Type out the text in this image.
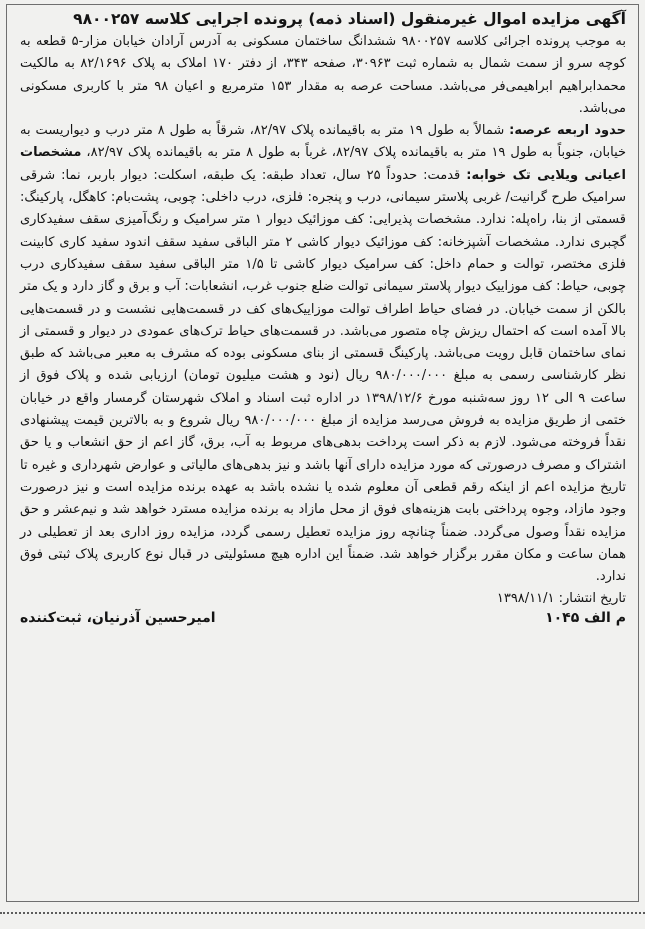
آگهی مزایده اموال غیرمنقول (اسناد ذمه) پرونده اجرایی کلاسه ۹۸۰۰۲۵۷

به موجب پرونده اجرائی کلاسه ۹۸۰۰۲۵۷ ششدانگ ساختمان مسکونی به آدرس آرادان خیابان مزار-۵ قطعه به کوچه سرو از سمت شمال به شماره ثبت ۳۰۹۶۳، صفحه ۳۴۳، از دفتر ۱۷۰ املاک به پلاک ۸۲/۱۶۹۶ به مالکیت محمدابراهیم ابراهیمی‌فر می‌باشد. مساحت عرصه به مقدار ۱۵۳ مترمربع و اعیان ۹۸ متر با کاربری مسکونی می‌باشد.

حدود اربعه عرصه: شمالاً به طول ۱۹ متر به باقیمانده پلاک ۸۲/۹۷، شرقاً به طول ۸ متر درب و دیواریست به خیابان، جنوباً به طول ۱۹ متر به باقیمانده پلاک ۸۲/۹۷، غرباً به طول ۸ متر به باقیمانده پلاک ۸۲/۹۷، مشخصات اعیانی ویلایی تک خوابه: قدمت: حدوداً ۲۵ سال، تعداد طبقه: یک طبقه، اسکلت: دیوار باربر، نما: شرقی سرامیک طرح گرانیت/ غربی پلاستر سیمانی، درب و پنجره: فلزی، درب داخلی: چوبی، پشت‌بام: کاهگل، پارکینگ: قسمتی از بنا، راه‌پله: ندارد. مشخصات پذیرایی: کف موزائیک دیوار ۱ متر سرامیک و رنگ‌آمیزی سقف سفیدکاری گچبری ندارد. مشخصات آشپزخانه: کف موزائیک دیوار کاشی ۲ متر الباقی سفید سقف اندود سفید کاری کابینت فلزی مختصر، توالت و حمام داخل: کف سرامیک دیوار کاشی تا ۱/۵ متر الباقی سفید سقف سفیدکاری درب چوبی، حیاط: کف موزاییک دیوار پلاستر سیمانی توالت ضلع جنوب غرب، انشعابات: آب و برق و گاز دارد و یک متر بالکن از سمت خیابان. در فضای حیاط اطراف توالت موزاییک‌های کف در قسمت‌هایی نشست و در قسمت‌هایی بالا آمده است که احتمال ریزش چاه متصور می‌باشد. در قسمت‌های حیاط ترک‌های عمودی در دیوار و قسمتی از نمای ساختمان قابل رویت می‌باشد. پارکینگ قسمتی از بنای مسکونی بوده که مشرف به معبر می‌باشد که طبق نظر کارشناسی رسمی به مبلغ ۹۸۰/۰۰۰/۰۰۰ ریال (نود و هشت میلیون تومان) ارزیابی شده و پلاک فوق از ساعت ۹ الی ۱۲ روز سه‌شنبه مورخ ۱۳۹۸/۱۲/۶ در اداره ثبت اسناد و املاک شهرستان گرمسار واقع در خیابان ختمی از طریق مزایده به فروش می‌رسد مزایده از مبلغ ۹۸۰/۰۰۰/۰۰۰ ریال شروع و به بالاترین قیمت پیشنهادی نقداً فروخته می‌شود. لازم به ذکر است پرداخت بدهی‌های مربوط به آب، برق، گاز اعم از حق انشعاب و یا حق اشتراک و مصرف درصورتی که مورد مزایده دارای آنها باشد و نیز بدهی‌های مالیاتی و عوارض شهرداری و غیره تا تاریخ مزایده اعم از اینکه رقم قطعی آن معلوم شده یا نشده باشد به عهده برنده مزایده است و نیز درصورت وجود مازاد، وجوه پرداختی بابت هزینه‌های فوق از محل مازاد به برنده مزایده مسترد خواهد شد و نیم‌عشر و حق مزایده نقداً وصول می‌گردد. ضمناً چنانچه روز مزایده تعطیل رسمی گردد، مزایده روز اداری بعد از تعطیلی در همان ساعت و مکان مقرر برگزار خواهد شد. ضمناً این اداره هیچ مسئولیتی در قبال نوع کاربری پلاک ثبتی فوق ندارد.

تاریخ انتشار: ۱۳۹۸/۱۱/۱

م الف ۱۰۴۵
امیرحسین آذرنیان، ثبت‌کننده
